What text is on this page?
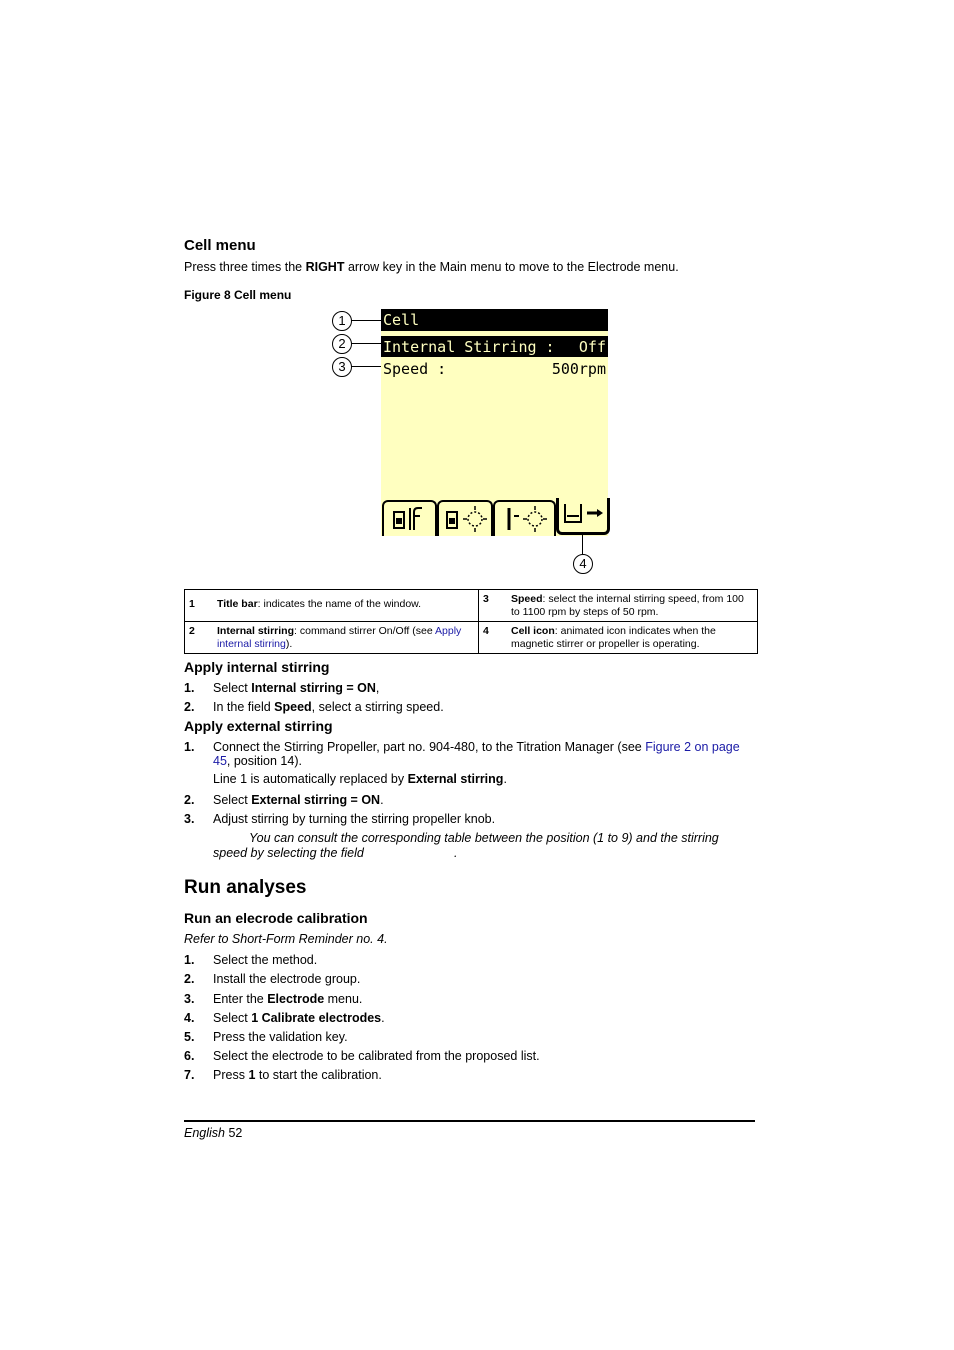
Cell menu
Press three times the RIGHT arrow key in the Main menu to move to the Electrode menu.
Figure 8 Cell menu
Cell
Internal Stirring : Off
Speed :	500rpm
1
2
3
4
1	Title bar: indicates the name of the window.	3	Speed: select the internal stirring speed, from 100 to 1100 rpm by steps of 50 rpm.
2	Internal stirring: command stirrer On/Off (see Apply internal stirring).	4	Cell icon: animated icon indicates when the magnetic stirrer or propeller is operating.
Apply internal stirring
1. Select Internal stirring = ON,
2. In the field Speed, select a stirring speed.
Apply external stirring
1. Connect the Stirring Propeller, part no. 904-480, to the Titration Manager (see Figure 2 on page
45, position 14).
Line 1 is automatically replaced by External stirring.
2. Select External stirring = ON.
3. Adjust stirring by turning the stirring propeller knob.
You can consult the corresponding table between the position (1 to 9) and the stirring
speed by selecting the field	.
Run analyses
Run an elecrode calibration
Refer to Short-Form Reminder no. 4.
1. Select the method.
2. Install the electrode group.
3. Enter the Electrode menu.
4. Select 1 Calibrate electrodes.
5. Press the validation key.
6. Select the electrode to be calibrated from the proposed list.
7. Press 1 to start the calibration.
English 52
